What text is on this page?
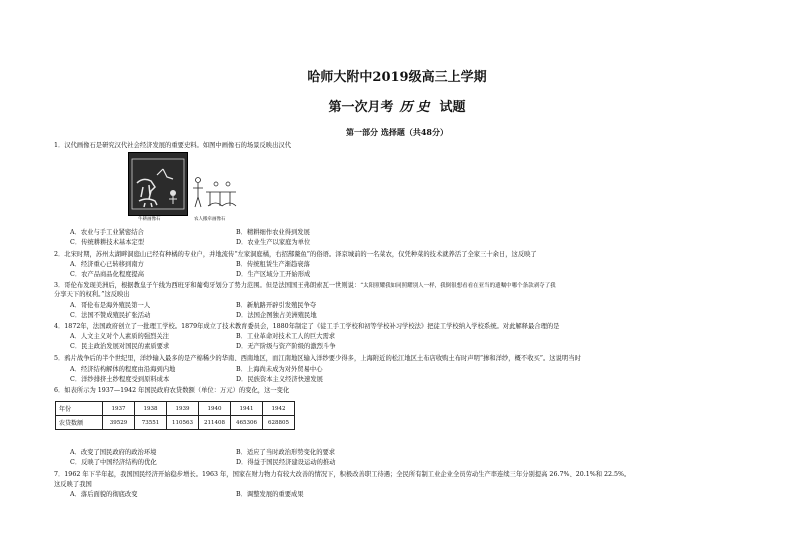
哈师大附中2019级高三上学期
第一次月考 历史 试题
第一部分 选择题（共48分）
1．汉代画像石是研究汉代社会经济发展的重要史料。如图中画像石的场景反映出汉代
牛耕画像石	农人搬牵画像石
A．农业与手工业紧密结合	B．精耕细作农业得到发展
C．传统耕耕技术基本定型	D．农业生产以家庭为单位
2．北宋时期，苏州太湖畔洞庭山已经有种橘的专业户，并地流传“左家洞庭橘，右招鄯鳌鱼”的俗语。泽京城前的一名菜农，仅凭种菜的技术就养活了全家三十余日，这反映了
A．经济重心已转移到南方	B．传统租赁生产渐趋衰落
C．农产品商品化程度提高	D．生产区域分工开始形成
3．哥伦布发现美洲后，根据教皇子午线为西班牙和葡萄牙划分了势力范围。但是法国国王弗朗索瓦一世则说：“太阳照耀我如同照耀别人一样，我倒很想看看在亚当的遗嘱中哪个条款剥夺了我
分享天下的权利。”这反映出
A．哥伦布是海外殖民第一人	B．新航路开辟引发殖民争夺
C．法国不赞成殖民扩张活动	D．法国企图独占美洲殖民地
4．1872年，法国政府创立了一批理工学校。1879年成立了技术教育委员会，1880年制定了《徒工手工学校和初等学校补习学校法》把徒工学校纳入学校系统。对此解释最合理的是
A．人文主义对个人素质的强烈关注	B．工业革命对技术工人的巨大需求
C．民主政治发展对国民的素质要求	D．无产阶级与资产阶级的激烈斗争
5．鸦片战争后的半个世纪里，洋纱输入最多的是产棉稀少的华南、西南地区，而江南地区输入洋纱要少得多，上海附近的松江地区土布店收购土布时声明“掺和洋纱，概不收买”。这说明当时
A．经济结构解体的程度由沿海到内地	B．上海尚未成为对外贸易中心
C．洋纱排挤土纱程度受到原料成本	D．民族资本主义经济快速发展
6．如表所示为 1937—1942 年国民政府农贷数额（单位：万元）的变化，这一变化
年份	1937	1938	1939	1940	1941	1942
农贷数额	39529	73551	110563	211408	465306	628805
A．改变了国民政府的政治环境	B．适应了当时政治形势变化的要求
C．反映了中国经济结构的优化	D．得益于国民经济建设运动的推动
7．1962 年下半年起，我国国民经济开始稳步增长。1963 年，国家在财力物力有较大改善的情况下，积极改善职工待遇；全民所有制工业企业全员劳动生产率连续三年分别提高 26.7%、20.1%和 22.5%。
这反映了我国
A．落后面貌的彻底改变	B．调整发展的重要成果
